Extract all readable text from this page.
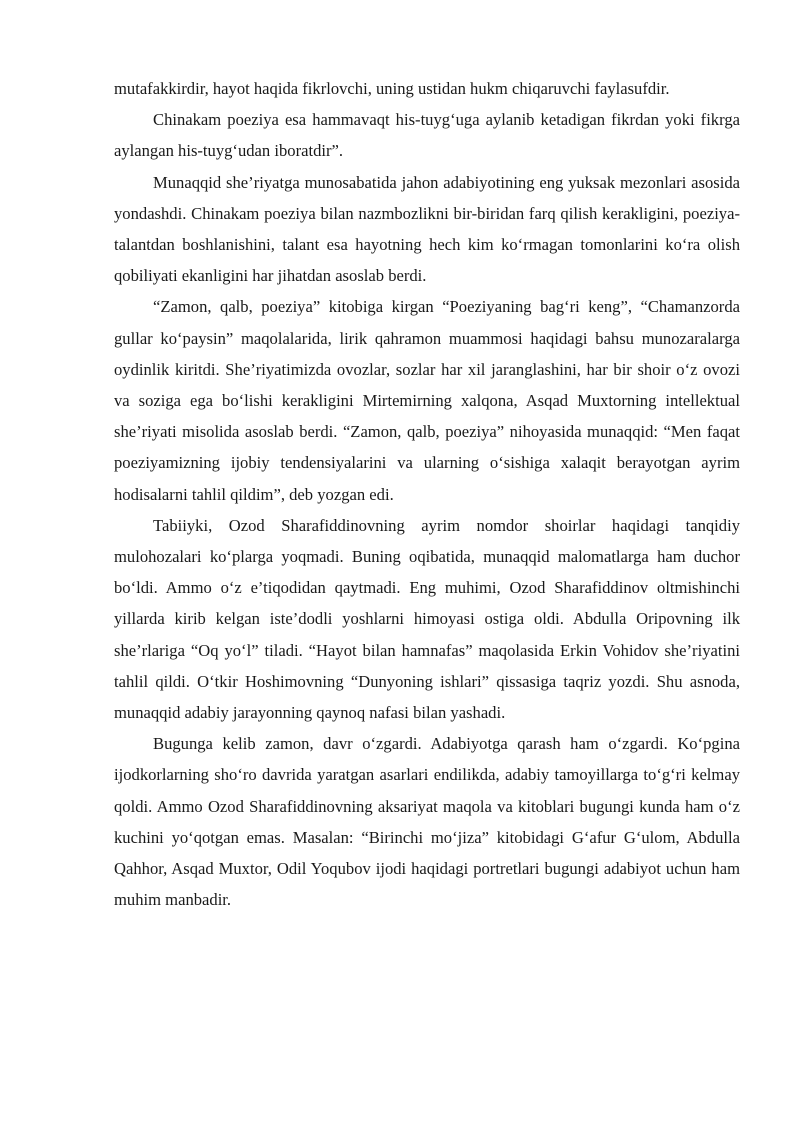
mutafakkirdir, hayot haqida fikrlovchi, uning ustidan hukm chiqaruvchi faylasufdir.

Chinakam poeziya esa hammavaqt his-tuyg‘uga aylanib ketadigan fikrdan yoki fikrga aylangan his-tuyg‘udan iboratdir”.

Munaqqid she’riyatga munosabatida jahon adabiyotining eng yuksak mezonlari asosida yondashdi. Chinakam poeziya bilan nazmbozlikni bir-biridan farq qilish kerakligini, poeziya-talantdan boshlanishini, talant esa hayotning hech kim ko‘rmagan tomonlarini ko‘ra olish qobiliyati ekanligini har jihatdan asoslab berdi.

“Zamon, qalb, poeziya” kitobiga kirgan “Poeziyaning bag‘ri keng”, “Chamanzorda gullar ko‘paysin” maqolalarida, lirik qahramon muammosi haqidagi bahsu munozaralarga oydinlik kiritdi. She’riyatimizda ovozlar, sozlar har xil jaranglashini, har bir shoir o‘z ovozi va soziga ega bo‘lishi kerakligini Mirtemirning xalqona, Asqad Muxtorning intellektual she’riyati misolida asoslab berdi. “Zamon, qalb, poeziya” nihoyasida munaqqid: “Men faqat poeziyamizning ijobiy tendensiyalarini va ularning o‘sishiga xalaqit berayotgan ayrim hodisalarni tahlil qildim”, deb yozgan edi.

Tabiiyki, Ozod Sharafiddinovning ayrim nomdor shoirlar haqidagi tanqidiy mulohozalari ko‘plarga yoqmadi. Buning oqibatida, munaqqid malomatlarga ham duchor bo‘ldi. Ammo o‘z e’tiqodidan qaytmadi. Eng muhimi, Ozod Sharafiddinov oltmishinchi yillarda kirib kelgan iste’dodli yoshlarni himoyasi ostiga oldi. Abdulla Oripovning ilk she’rlariga “Oq yo‘l” tiladi. “Hayot bilan hamnafas” maqolasida Erkin Vohidov she’riyatini tahlil qildi. O‘tkir Hoshimovning “Dunyoning ishlari” qissasiga taqriz yozdi. Shu asnoda, munaqqid adabiy jarayonning qaynoq nafasi bilan yashadi.

Bugunga kelib zamon, davr o‘zgardi. Adabiyotga qarash ham o‘zgardi. Ko‘pgina ijodkorlarning sho‘ro davrida yaratgan asarlari endilikda, adabiy tamoyillarga to‘g‘ri kelmay qoldi. Ammo Ozod Sharafiddinovning aksariyat maqola va kitoblari bugungi kunda ham o‘z kuchini yo‘qotgan emas. Masalan: “Birinchi mo‘jiza” kitobidagi G‘afur G‘ulom, Abdulla Qahhor, Asqad Muxtor, Odil Yoqubov ijodi haqidagi portretlari bugungi adabiyot uchun ham muhim manbadir.
